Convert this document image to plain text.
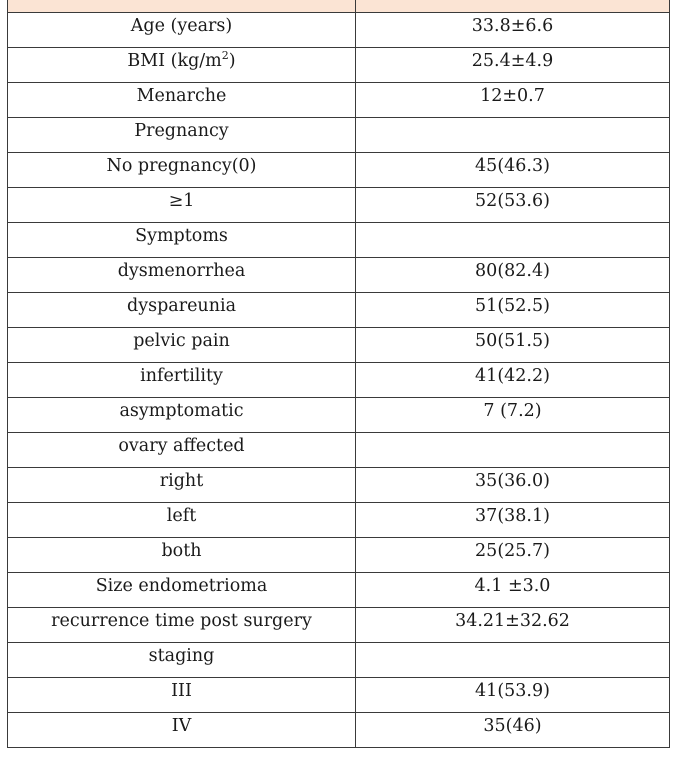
Age (years)	33.8±6.6
BMI $(kg/m^2)$	25.4±4.9
Menarche	12±0.7
Pregnancy	
No pregnancy(0)	45(46.3)
≥1	52(53.6)
Symptoms	
dysmenorrhea	80(82.4)
dyspareunia	51(52.5)
pelvic pain	50(51.5)
infertility	41(42.2)
asymptomatic	7 (7.2)
ovary affected	
right	35(36.0)
left	37(38.1)
both	25(25.7)
Size endometrioma	4.1 ±3.0
recurrence time post surgery	34.21±32.62
staging	
III	41(53.9)
IV	35(46)
